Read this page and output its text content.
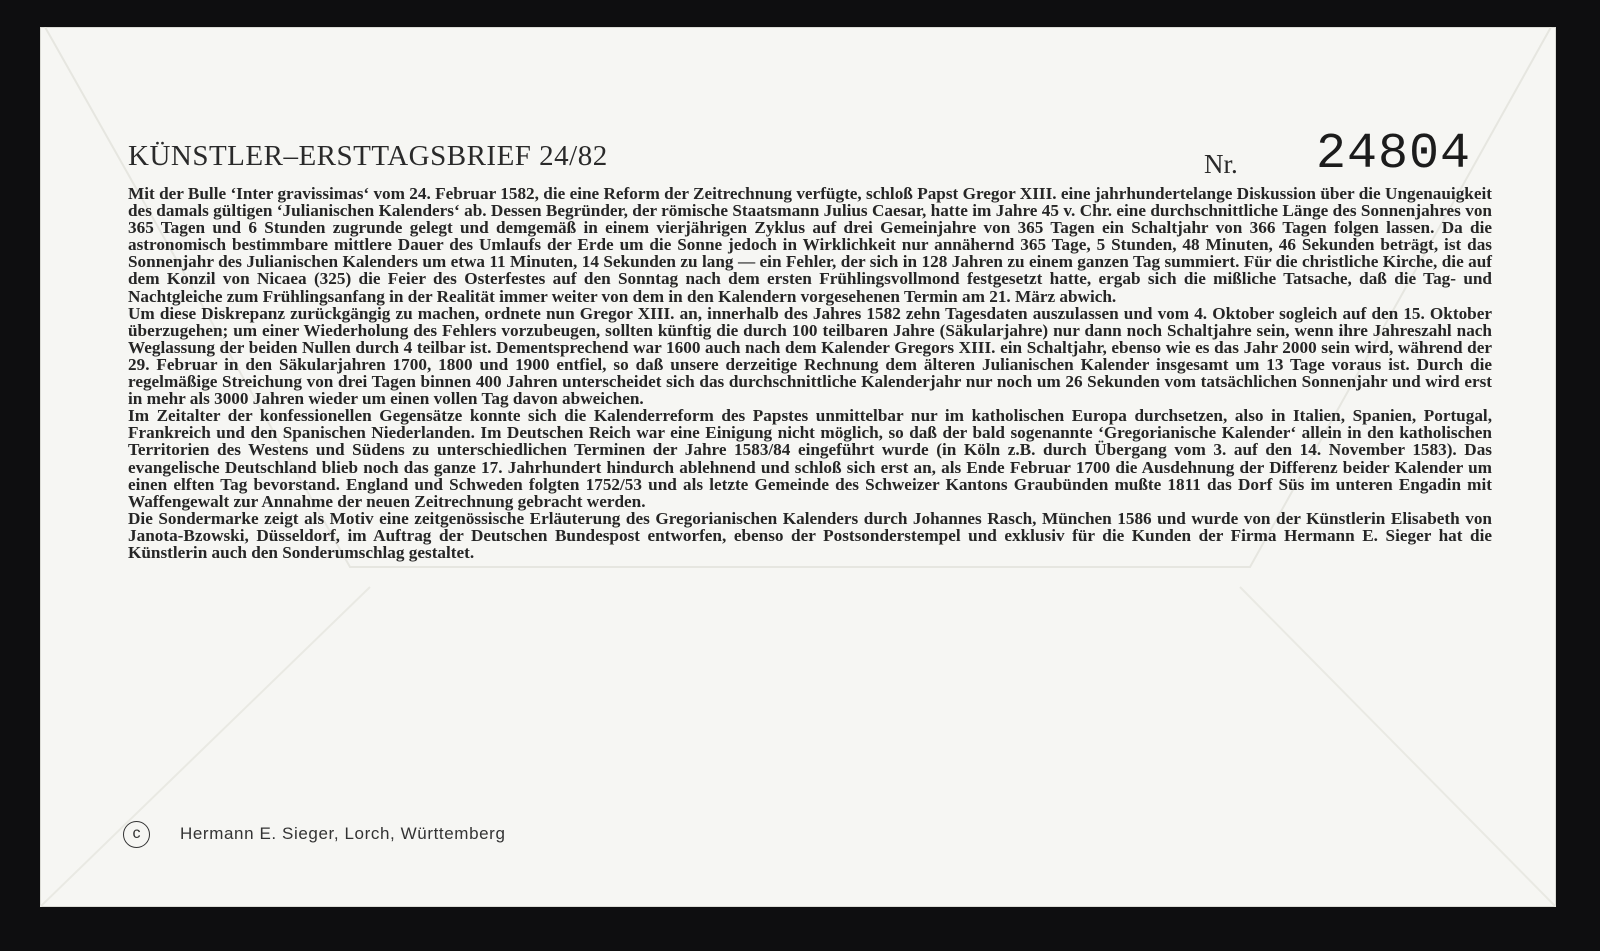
KÜNSTLER–ERSTTAGSBRIEF 24/82	Nr. 24804

Mit der Bulle ‘Inter gravissimas‘ vom 24. Februar 1582, die eine Reform der Zeitrechnung verfügte, schloß Papst Gregor XIII. eine jahrhundertelange Diskussion über die Ungenauigkeit des damals gültigen ‘Julianischen Kalenders‘ ab. Dessen Begründer, der römische Staatsmann Julius Caesar, hatte im Jahre 45 v. Chr. eine durchschnittliche Länge des Sonnenjahres von 365 Tagen und 6 Stunden zugrunde gelegt und demgemäß in einem vierjährigen Zyklus auf drei Gemeinjahre von 365 Tagen ein Schaltjahr von 366 Tagen folgen lassen. Da die astronomisch bestimmbare mittlere Dauer des Umlaufs der Erde um die Sonne jedoch in Wirklichkeit nur annähernd 365 Tage, 5 Stunden, 48 Minuten, 46 Sekunden beträgt, ist das Sonnenjahr des Julianischen Kalenders um etwa 11 Minuten, 14 Sekunden zu lang — ein Fehler, der sich in 128 Jahren zu einem ganzen Tag summiert. Für die christliche Kirche, die auf dem Konzil von Nicaea (325) die Feier des Osterfestes auf den Sonntag nach dem ersten Frühlingsvollmond festgesetzt hatte, ergab sich die mißliche Tatsache, daß die Tag- und Nachtgleiche zum Frühlingsanfang in der Realität immer weiter von dem in den Kalendern vorgesehenen Termin am 21. März abwich.

Um diese Diskrepanz zurückgängig zu machen, ordnete nun Gregor XIII. an, innerhalb des Jahres 1582 zehn Tagesdaten auszulassen und vom 4. Oktober sogleich auf den 15. Oktober überzugehen; um einer Wiederholung des Fehlers vorzubeugen, sollten künftig die durch 100 teilbaren Jahre (Säkularjahre) nur dann noch Schaltjahre sein, wenn ihre Jahreszahl nach Weglassung der beiden Nullen durch 4 teilbar ist. Dementsprechend war 1600 auch nach dem Kalender Gregors XIII. ein Schaltjahr, ebenso wie es das Jahr 2000 sein wird, während der 29. Februar in den Säkularjahren 1700, 1800 und 1900 entfiel, so daß unsere derzeitige Rechnung dem älteren Julianischen Kalender insgesamt um 13 Tage voraus ist. Durch die regelmäßige Streichung von drei Tagen binnen 400 Jahren unterscheidet sich das durchschnittliche Kalenderjahr nur noch um 26 Sekunden vom tatsächlichen Sonnenjahr und wird erst in mehr als 3000 Jahren wieder um einen vollen Tag davon abweichen.

Im Zeitalter der konfessionellen Gegensätze konnte sich die Kalenderreform des Papstes unmittelbar nur im katholischen Europa durchsetzen, also in Italien, Spanien, Portugal, Frankreich und den Spanischen Niederlanden. Im Deutschen Reich war eine Einigung nicht möglich, so daß der bald sogenannte ‘Gregorianische Kalender‘ allein in den katholischen Territorien des Westens und Südens zu unterschiedlichen Terminen der Jahre 1583/84 eingeführt wurde (in Köln z.B. durch Übergang vom 3. auf den 14. November 1583). Das evangelische Deutschland blieb noch das ganze 17. Jahrhundert hindurch ablehnend und schloß sich erst an, als Ende Februar 1700 die Ausdehnung der Differenz beider Kalender um einen elften Tag bevorstand. England und Schweden folgten 1752/53 und als letzte Gemeinde des Schweizer Kantons Graubünden mußte 1811 das Dorf Süs im unteren Engadin mit Waffengewalt zur Annahme der neuen Zeitrechnung gebracht werden.

Die Sondermarke zeigt als Motiv eine zeitgenössische Erläuterung des Gregorianischen Kalenders durch Johannes Rasch, München 1586 und wurde von der Künstlerin Elisabeth von Janota-Bzowski, Düsseldorf, im Auftrag der Deutschen Bundespost entworfen, ebenso der Postsonderstempel und exklusiv für die Kunden der Firma Hermann E. Sieger hat die Künstlerin auch den Sonderumschlag gestaltet.

c Hermann E. Sieger, Lorch, Württemberg
